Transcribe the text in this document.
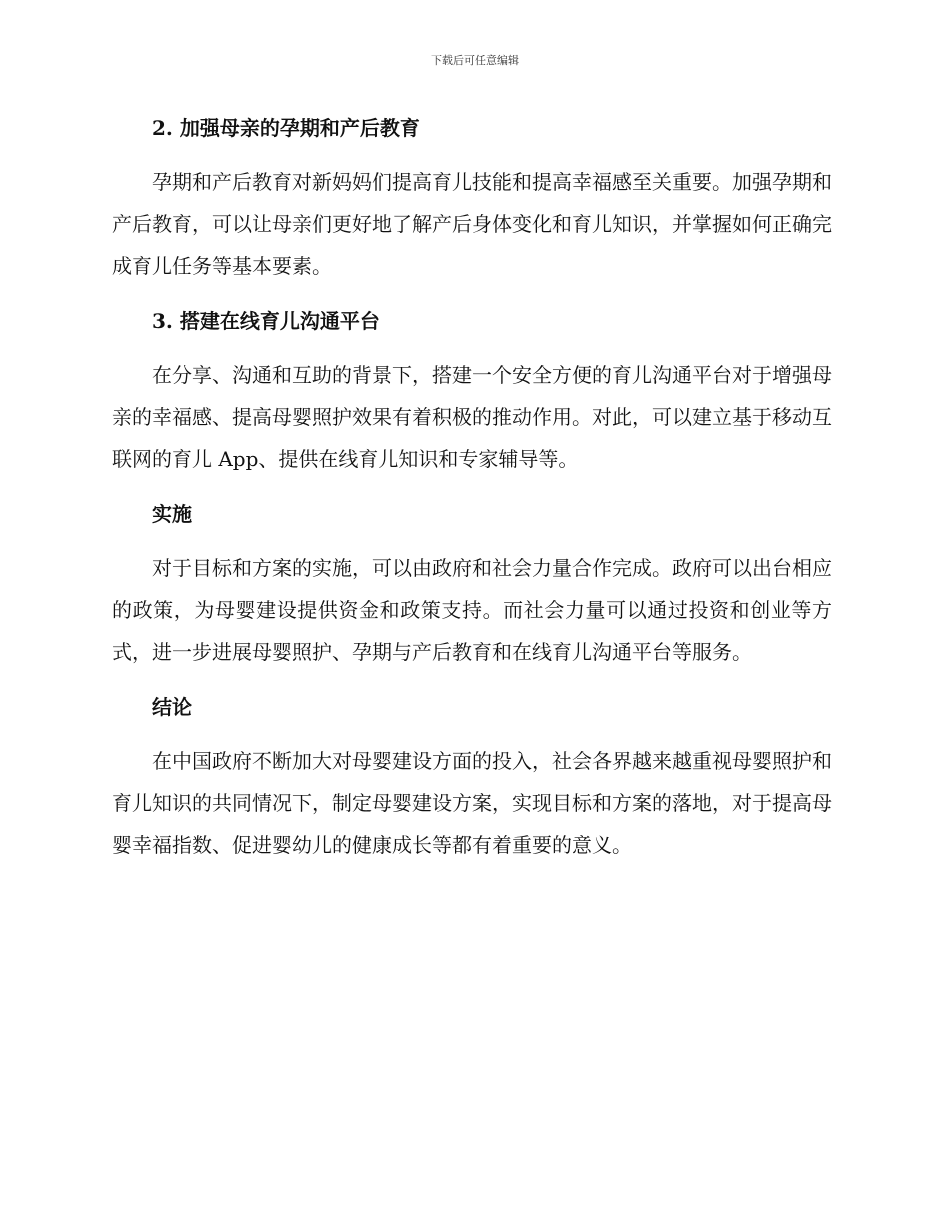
下载后可任意编辑
2. 加强母亲的孕期和产后教育

孕期和产后教育对新妈妈们提高育儿技能和提高幸福感至关重要。加强孕期和产后教育，可以让母亲们更好地了解产后身体变化和育儿知识，并掌握如何正确完成育儿任务等基本要素。

3. 搭建在线育儿沟通平台

在分享、沟通和互助的背景下，搭建一个安全方便的育儿沟通平台对于增强母亲的幸福感、提高母婴照护效果有着积极的推动作用。对此，可以建立基于移动互联网的育儿 App、提供在线育儿知识和专家辅导等。

实施

对于目标和方案的实施，可以由政府和社会力量合作完成。政府可以出台相应的政策，为母婴建设提供资金和政策支持。而社会力量可以通过投资和创业等方式，进一步进展母婴照护、孕期与产后教育和在线育儿沟通平台等服务。

结论

在中国政府不断加大对母婴建设方面的投入，社会各界越来越重视母婴照护和育儿知识的共同情况下，制定母婴建设方案，实现目标和方案的落地，对于提高母婴幸福指数、促进婴幼儿的健康成长等都有着重要的意义。
